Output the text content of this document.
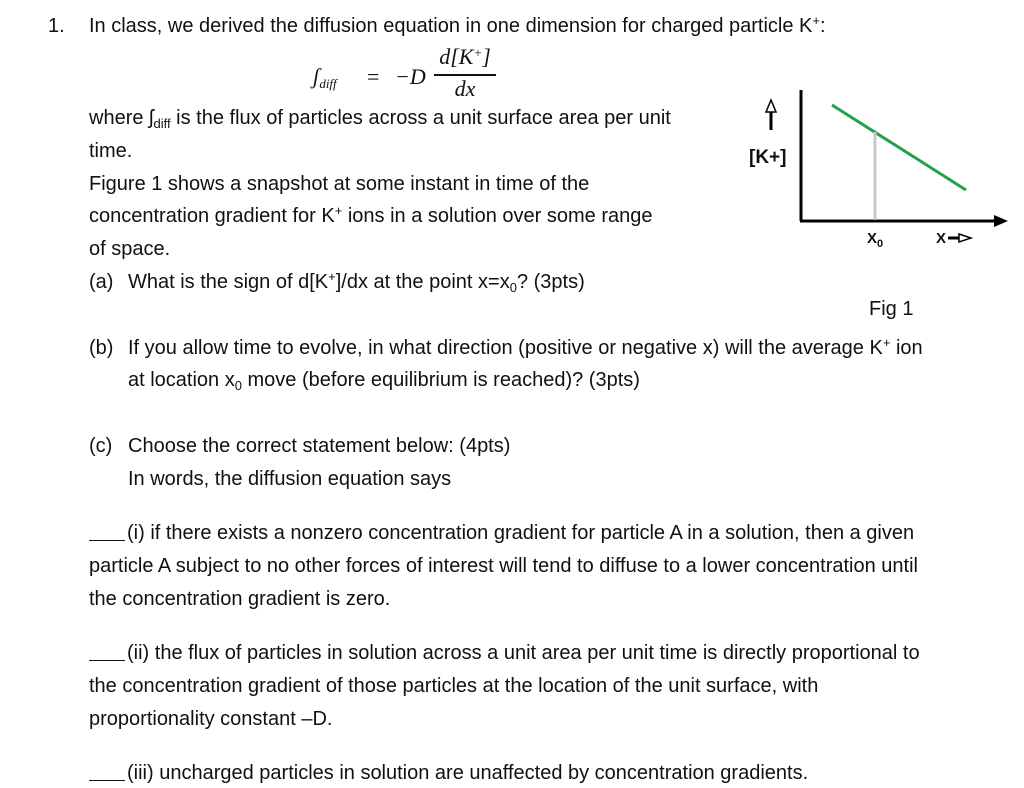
1. In class, we derived the diffusion equation in one dimension for charged particle K+:
ʃ$_{diff}$ = −D
d[K+]
dx
where ʃ$_{diff}$ is the flux of particles across a unit surface area per unit
time.
Figure 1 shows a snapshot at some instant in time of the
concentration gradient for K+ ions in a solution over some range
of space.
(a) What is the sign of d[K+]/dx at the point $x=x_0$? (3pts)
[K+]
$X_0$	X
Fig 1
(b) If you allow time to evolve, in what direction (positive or negative x) will the average K+ ion
at location $x_0$ move (before equilibrium is reached)? (3pts)
(c) Choose the correct statement below: (4pts)
In words, the diffusion equation says
(i) if there exists a nonzero concentration gradient for particle A in a solution, then a given
particle A subject to no other forces of interest will tend to diffuse to a lower concentration until
the concentration gradient is zero.
(ii) the flux of particles in solution across a unit area per unit time is directly proportional to
the concentration gradient of those particles at the location of the unit surface, with
proportionality constant –D.
(iii) uncharged particles in solution are unaffected by concentration gradients.
